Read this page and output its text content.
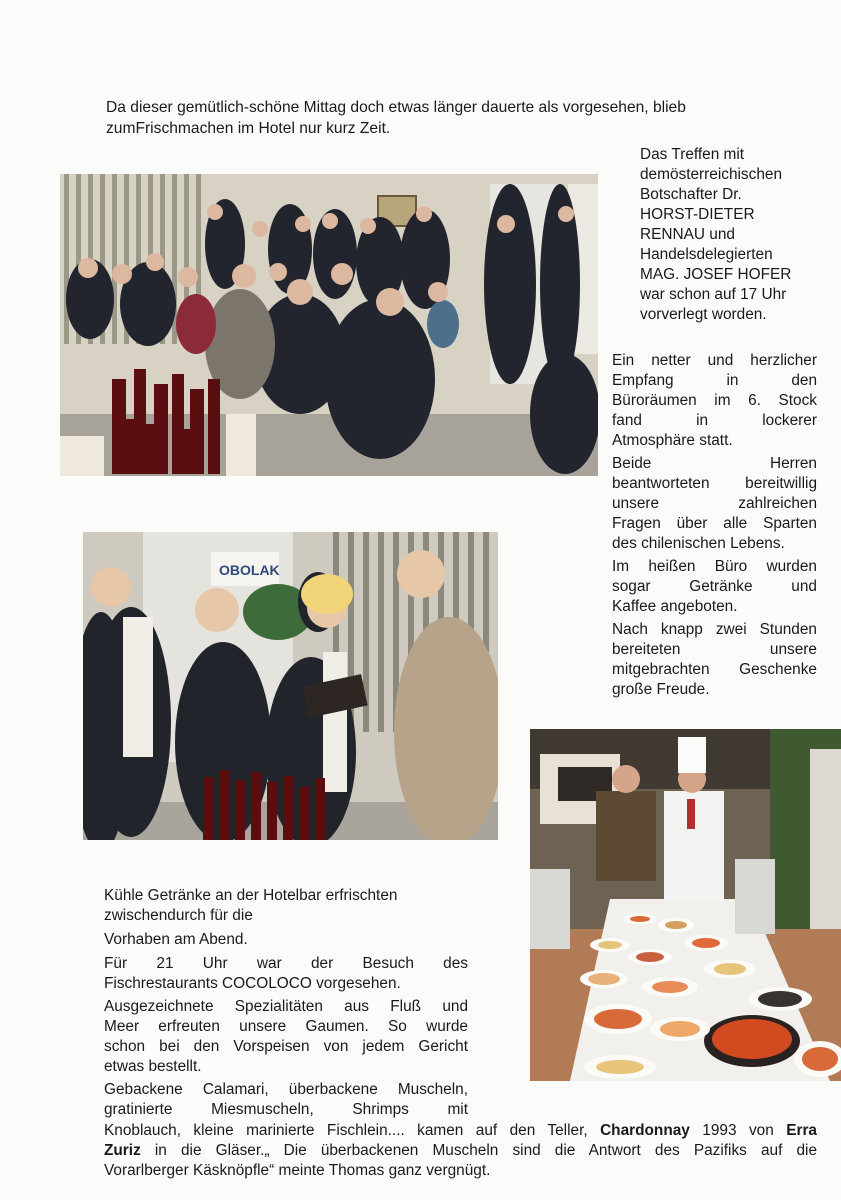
Da dieser gemütlich-schöne Mittag doch etwas länger dauerte als vorgesehen, blieb
zumFrischmachen im Hotel nur kurz Zeit.
Das Treffen mit
demösterreichischen
Botschafter Dr.
HORST-DIETER
RENNAU und
Handelsdelegierten
MAG. JOSEF HOFER
war schon auf 17 Uhr
vorverlegt worden.
Ein netter und herzlicher
Empfang in den
Büroräumen im 6. Stock
fand in lockerer
Atmosphäre statt.
Beide Herren
beantworteten bereitwillig
unsere zahlreichen
Fragen über alle Sparten
des chilenischen Lebens.
Im heißen Büro wurden
sogar Getränke und
Kaffee angeboten.
Nach knapp zwei Stunden
bereiteten unsere
mitgebrachten Geschenke
große Freude.
OBOLAK
Kühle Getränke an der Hotelbar erfrischten
zwischendurch für die
Vorhaben am Abend.
Für 21 Uhr war der Besuch des
Fischrestaurants COCOLOCO vorgesehen.
Ausgezeichnete Spezialitäten aus Fluß und
Meer erfreuten unsere Gaumen. So wurde
schon bei den Vorspeisen von jedem Gericht
etwas bestellt.
Gebackene Calamari, überbackene Muscheln,
gratinierte Miesmuscheln, Shrimps mit
Knoblauch, kleine marinierte Fischlein.... kamen auf den Teller, Chardonnay 1993 von Erra
Zuriz in die Gläser.„ Die überbackenen Muscheln sind die Antwort des Pazifiks auf die
Vorarlberger Käsknöpfle“ meinte Thomas ganz vergnügt.
